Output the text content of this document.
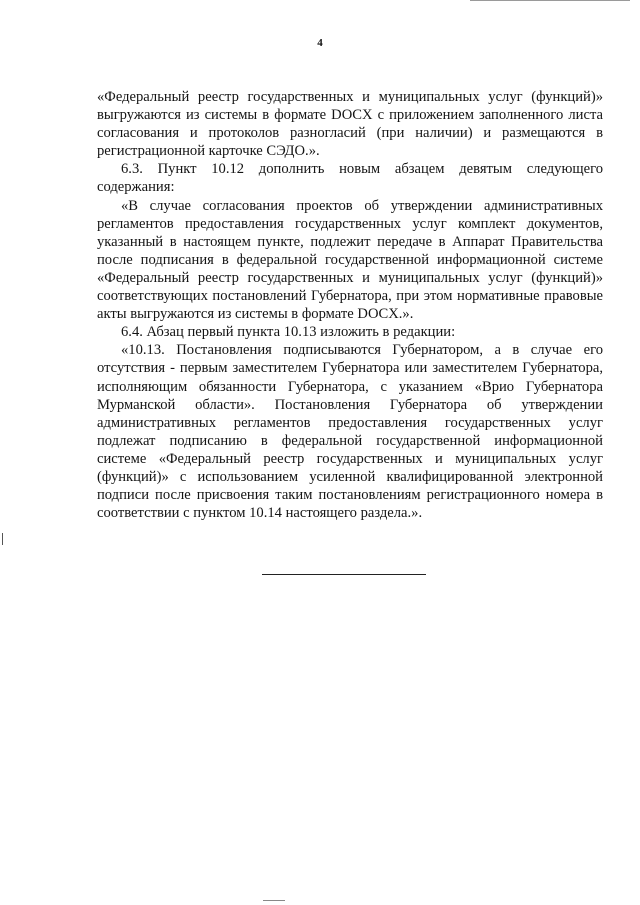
4

«Федеральный реестр государственных и муниципальных услуг (функций)» выгружаются из системы в формате DOCX с приложением заполненного листа согласования и протоколов разногласий (при наличии) и размещаются в регистрационной карточке СЭДО.».

6.3. Пункт 10.12 дополнить новым абзацем девятым следующего содержания:

«В случае согласования проектов об утверждении административных регламентов предоставления государственных услуг комплект документов, указанный в настоящем пункте, подлежит передаче в Аппарат Правительства после подписания в федеральной государственной информационной системе «Федеральный реестр государственных и муниципальных услуг (функций)» соответствующих постановлений Губернатора, при этом нормативные правовые акты выгружаются из системы в формате DOCX.».

6.4. Абзац первый пункта 10.13 изложить в редакции:

«10.13. Постановления подписываются Губернатором, а в случае его отсутствия - первым заместителем Губернатора или заместителем Губернатора, исполняющим обязанности Губернатора, с указанием «Врио Губернатора Мурманской области». Постановления Губернатора об утверждении административных регламентов предоставления государственных услуг подлежат подписанию в федеральной государственной информационной системе «Федеральный реестр государственных и муниципальных услуг (функций)» с использованием усиленной квалифицированной электронной подписи после присвоения таким постановлениям регистрационного номера в соответствии с пунктом 10.14 настоящего раздела.».
